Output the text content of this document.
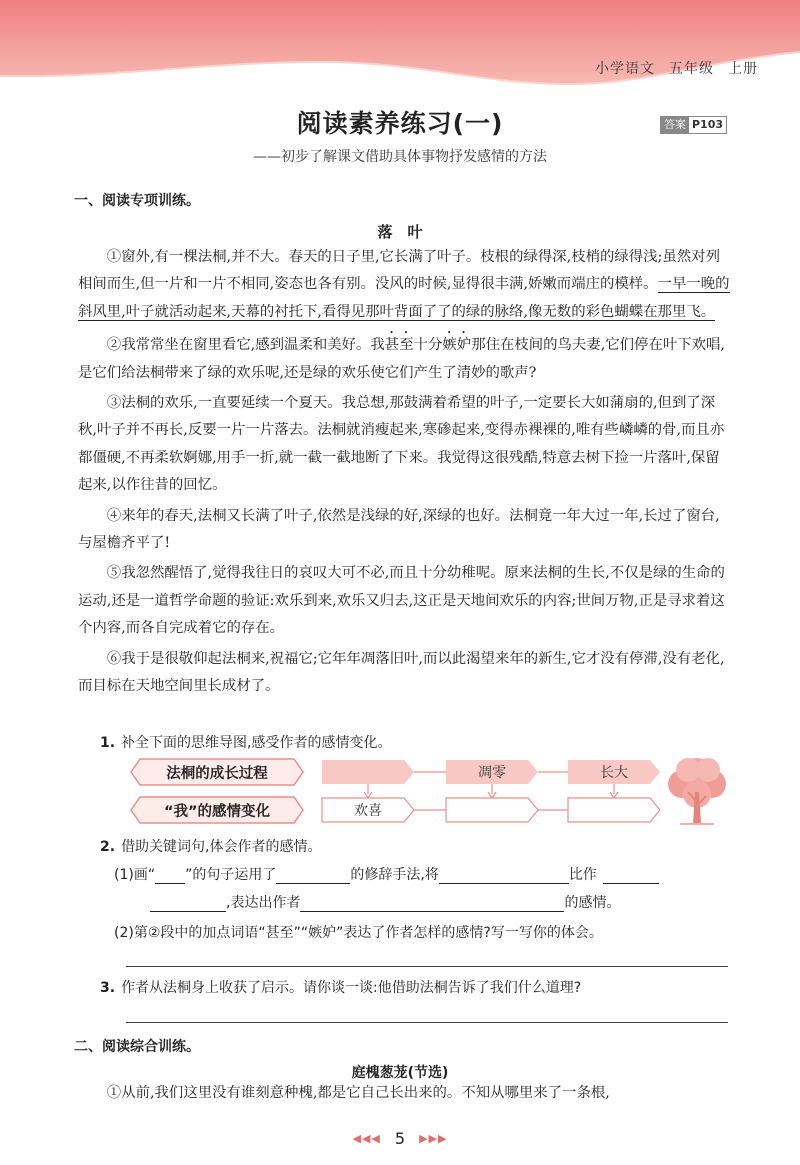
小学语文 五年级 上册
阅读素养练习(一)	答案 P103
——初步了解课文借助具体事物抒发感情的方法
一、阅读专项训练。
落　叶

①窗外,有一棵法桐,并不大。春天的日子里,它长满了叶子。枝根的绿得深,枝梢的绿得浅;虽然对列相间而生,但一片和一片不相同,姿态也各有别。没风的时候,显得很丰满,娇嫩而端庄的模样。一早一晚的斜风里,叶子就活动起来,天幕的衬托下,看得见那叶背面了了的绿的脉络,像无数的彩色蝴蝶在那里飞。

②我常常坐在窗里看它,感到温柔和美好。我甚至十分嫉妒那住在枝间的鸟夫妻,它们停在叶下欢唱,是它们给法桐带来了绿的欢乐呢,还是绿的欢乐使它们产生了清妙的歌声?

③法桐的欢乐,一直要延续一个夏天。我总想,那鼓满着希望的叶子,一定要长大如蒲扇的,但到了深秋,叶子并不再长,反要一片一片落去。法桐就消瘦起来,寒碜起来,变得赤裸裸的,唯有些嶙嶙的骨,而且亦都僵硬,不再柔软婀娜,用手一折,就一截一截地断了下来。我觉得这很残酷,特意去树下捡一片落叶,保留起来,以作往昔的回忆。

④来年的春天,法桐又长满了叶子,依然是浅绿的好,深绿的也好。法桐竟一年大过一年,长过了窗台,与屋檐齐平了!

⑤我忽然醒悟了,觉得我往日的哀叹大可不必,而且十分幼稚呢。原来法桐的生长,不仅是绿的生命的运动,还是一道哲学命题的验证:欢乐到来,欢乐又归去,这正是天地间欢乐的内容;世间万物,正是寻求着这个内容,而各自完成着它的存在。

⑥我于是很敬仰起法桐来,祝福它;它年年凋落旧叶,而以此渴望来年的新生,它才没有停滞,没有老化,而目标在天地空间里长成材了。

1. 补全下面的思维导图,感受作者的感情变化。
法桐的成长过程
“我”的感情变化
凋零	长大
欢喜
2. 借助关键词句,体会作者的感情。
(1)画“ ”的句子运用了	的修辞手法,将	比作
,表达出作者	的感情。
(2)第②段中的加点词语“甚至”“嫉妒”表达了作者怎样的感情?写一写你的体会。
3. 作者从法桐身上收获了启示。请你谈一谈:他借助法桐告诉了我们什么道理?
二、阅读综合训练。
庭槐葱茏(节选)

①从前,我们这里没有谁刻意种槐,都是它自己长出来的。不知从哪里来了一条根,

◀◀◀ 5 ▶▶▶
